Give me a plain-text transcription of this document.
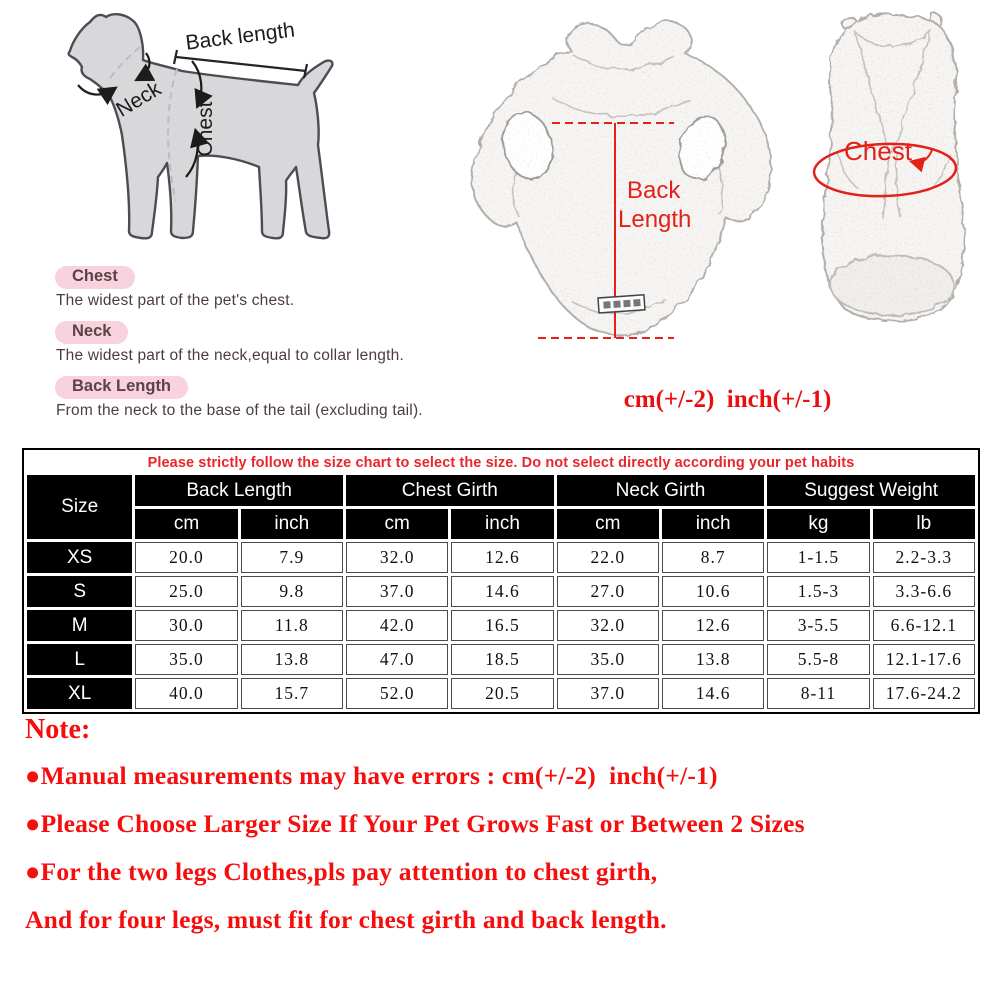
Back length
Neck
Chest
Chest
The widest part of the pet's chest.
Neck
The widest part of the neck,equal to collar length.
Back Length
From the neck to the base of the tail (excluding tail).
Back
Length
Chest
cm(+/-2)  inch(+/-1)
Please strictly follow the size chart to select the size. Do not select directly according your pet habits								
Size	Back Length		Chest Girth		Neck Girth		Suggest Weight	
	cm	inch	cm	inch	cm	inch	kg	lb
XS	20.0	7.9	32.0	12.6	22.0	8.7	1-1.5	2.2-3.3
S	25.0	9.8	37.0	14.6	27.0	10.6	1.5-3	3.3-6.6
M	30.0	11.8	42.0	16.5	32.0	12.6	3-5.5	6.6-12.1
L	35.0	13.8	47.0	18.5	35.0	13.8	5.5-8	12.1-17.6
XL	40.0	15.7	52.0	20.5	37.0	14.6	8-11	17.6-24.2
Note:
●Manual measurements may have errors : cm(+/-2)  inch(+/-1)
●Please Choose Larger Size If Your Pet Grows Fast or Between 2 Sizes
●For the two legs Clothes,pls pay attention to chest girth,
And for four legs, must fit for chest girth and back length.
